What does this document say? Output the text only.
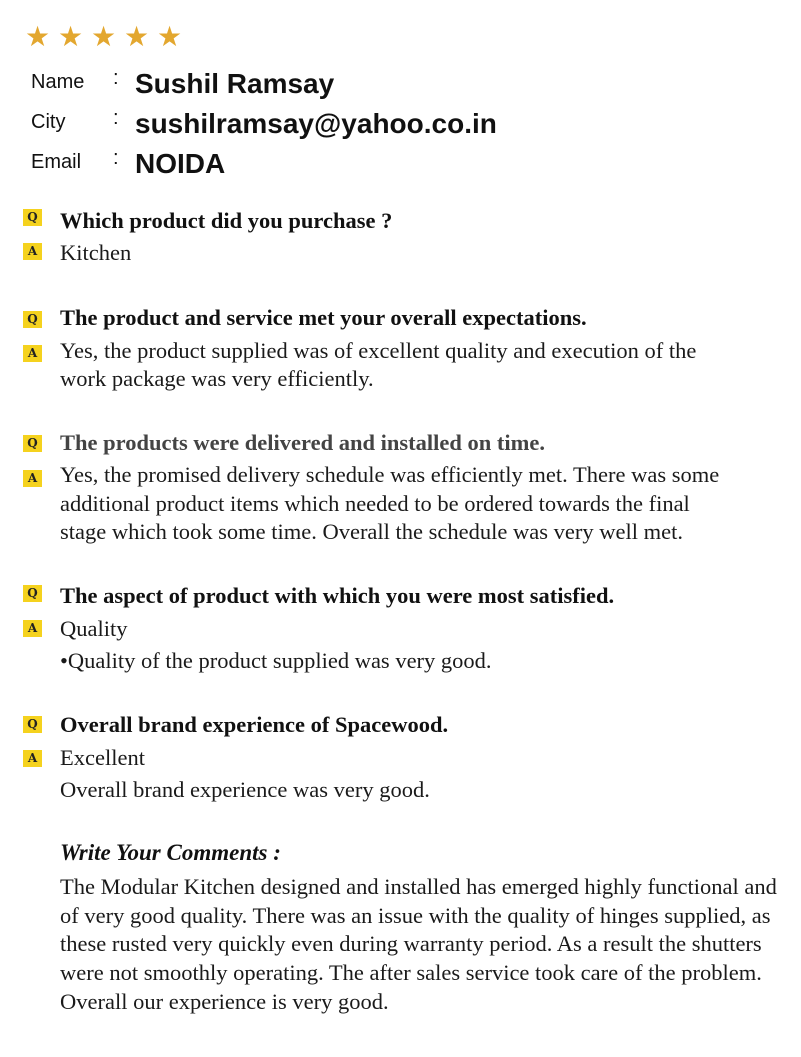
★ ★ ★ ★ ★
Name	: Sushil Ramsay
City	: sushilramsay@yahoo.co.in
Email	: NOIDA
Q Which product did you purchase ?
A Kitchen
Q The product and service met your overall expectations.
A Yes, the product supplied was of excellent quality and execution of the
work package was very efficiently.
Q The products were delivered and installed on time.
A Yes, the promised delivery schedule was efficiently met. There was some
additional product items which needed to be ordered towards the final
stage which took some time. Overall the schedule was very well met.
Q The aspect of product with which you were most satisfied.
A Quality
•Quality of the product supplied was very good.
Q Overall brand experience of Spacewood.
A Excellent
Overall brand experience was very good.
Write Your Comments :
The Modular Kitchen designed and installed has emerged highly functional and of very good quality. There was an issue with the quality of hinges supplied, as these rusted very quickly even during warranty period. As a result the shutters were not smoothly operating. The after sales service took care of the problem. Overall our experience is very good.
